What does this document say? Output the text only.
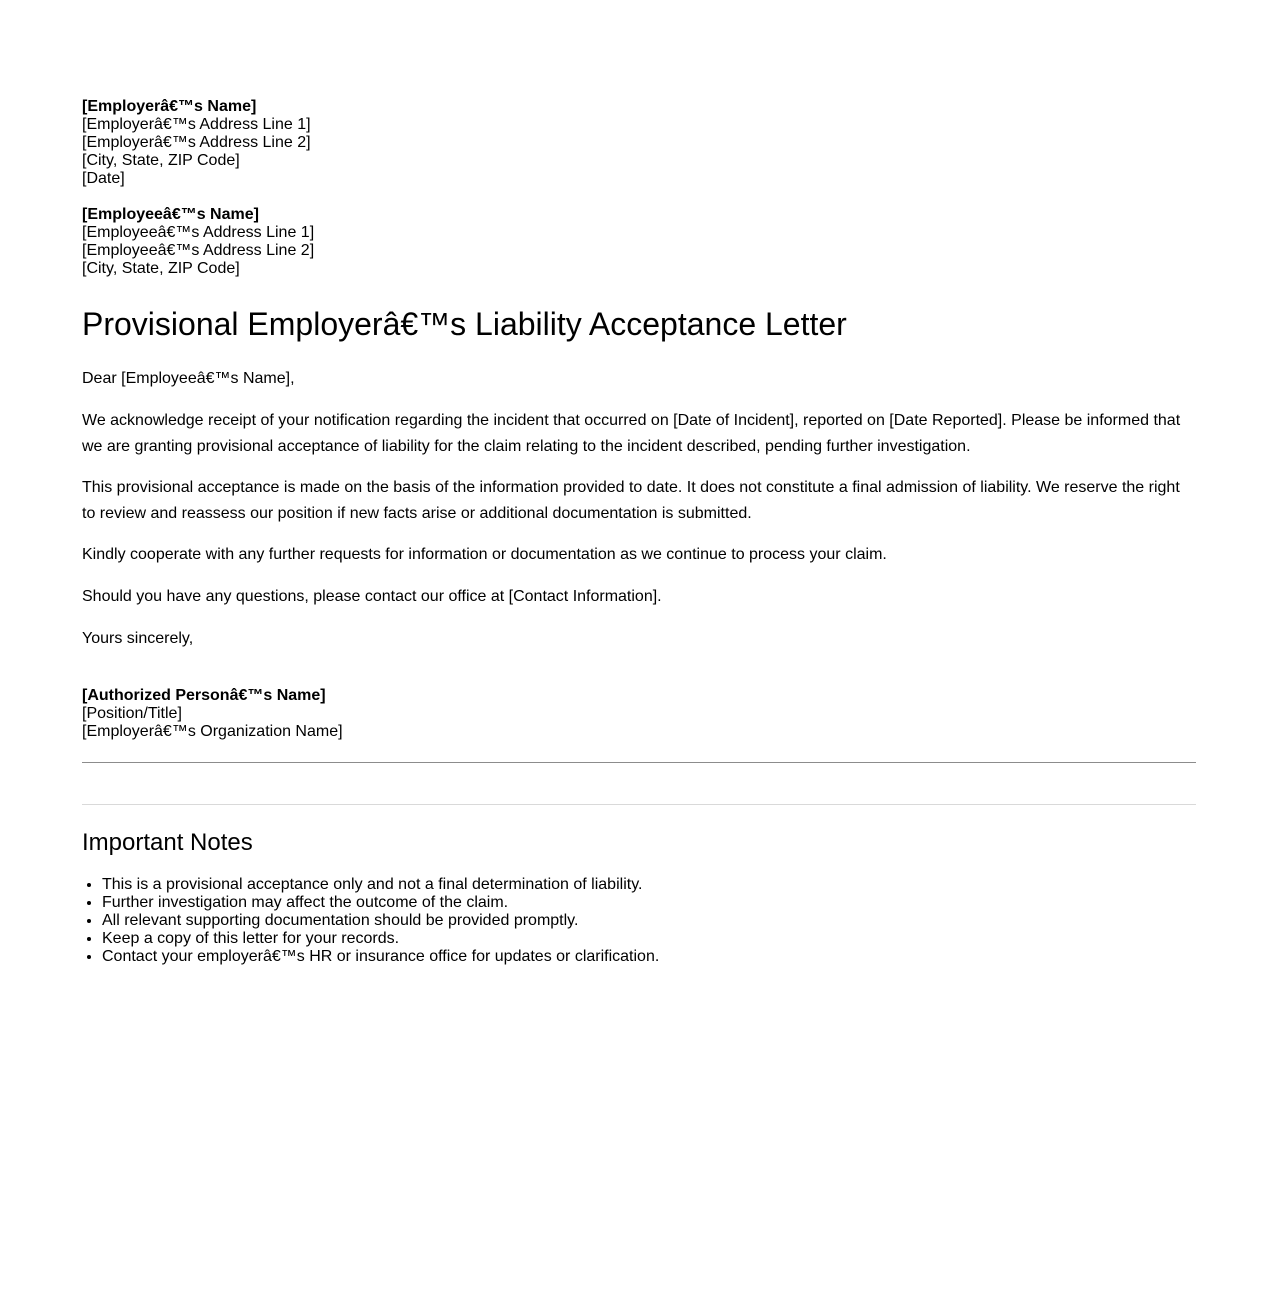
[Employerâ€™s Name]
[Employerâ€™s Address Line 1]
[Employerâ€™s Address Line 2]
[City, State, ZIP Code]
[Date]
[Employeeâ€™s Name]
[Employeeâ€™s Address Line 1]
[Employeeâ€™s Address Line 2]
[City, State, ZIP Code]
Provisional Employerâ€™s Liability Acceptance Letter

Dear [Employeeâ€™s Name],

We acknowledge receipt of your notification regarding the incident that occurred on [Date of Incident], reported on [Date Reported]. Please be informed that we are granting provisional acceptance of liability for the claim relating to the incident described, pending further investigation.

This provisional acceptance is made on the basis of the information provided to date. It does not constitute a final admission of liability. We reserve the right to review and reassess our position if new facts arise or additional documentation is submitted.

Kindly cooperate with any further requests for information or documentation as we continue to process your claim.

Should you have any questions, please contact our office at [Contact Information].

Yours sincerely,

[Authorized Personâ€™s Name]
[Position/Title]
[Employerâ€™s Organization Name]
Important Notes
• This is a provisional acceptance only and not a final determination of liability.
• Further investigation may affect the outcome of the claim.
• All relevant supporting documentation should be provided promptly.
• Keep a copy of this letter for your records.
• Contact your employerâ€™s HR or insurance office for updates or clarification.
